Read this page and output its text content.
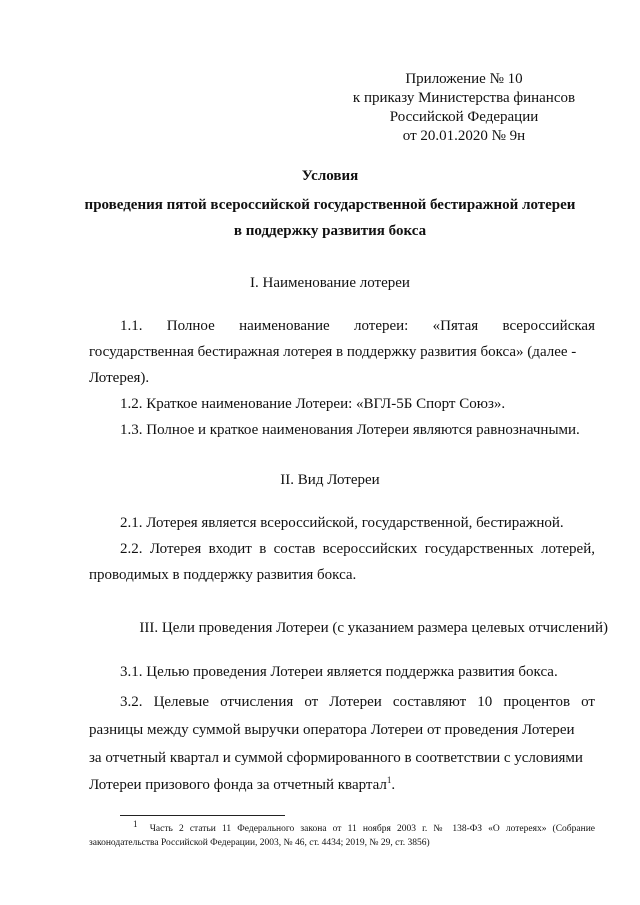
Приложение № 10
к приказу Министерства финансов
Российской Федерации
от 20.01.2020 № 9н
Условия
проведения пятой всероссийской государственной бестиражной лотереи
в поддержку развития бокса
I. Наименование лотереи
1.1. Полное наименование лотереи: «Пятая всероссийская
государственная бестиражная лотерея в поддержку развития бокса» (далее -
Лотерея).
1.2. Краткое наименование Лотереи: «ВГЛ-5Б Спорт Союз».
1.3. Полное и краткое наименования Лотереи являются равнозначными.
II. Вид Лотереи
2.1. Лотерея является всероссийской, государственной, бестиражной.
2.2. Лотерея входит в состав всероссийских государственных лотерей,
проводимых в поддержку развития бокса.
III. Цели проведения Лотереи (с указанием размера целевых отчислений)
3.1. Целью проведения Лотереи является поддержка развития бокса.
3.2. Целевые отчисления от Лотереи составляют 10 процентов от
разницы между суммой выручки оператора Лотереи от проведения Лотереи
за отчетный квартал и суммой сформированного в соответствии с условиями
Лотереи призового фонда за отчетный квартал$^1$.
$^1$  Часть 2 статьи 11 Федерального закона от 11 ноября 2003 г. № 138-ФЗ «О лотереях» (Собрание законодательства Российской Федерации, 2003, № 46, ст. 4434; 2019, № 29, ст. 3856)
